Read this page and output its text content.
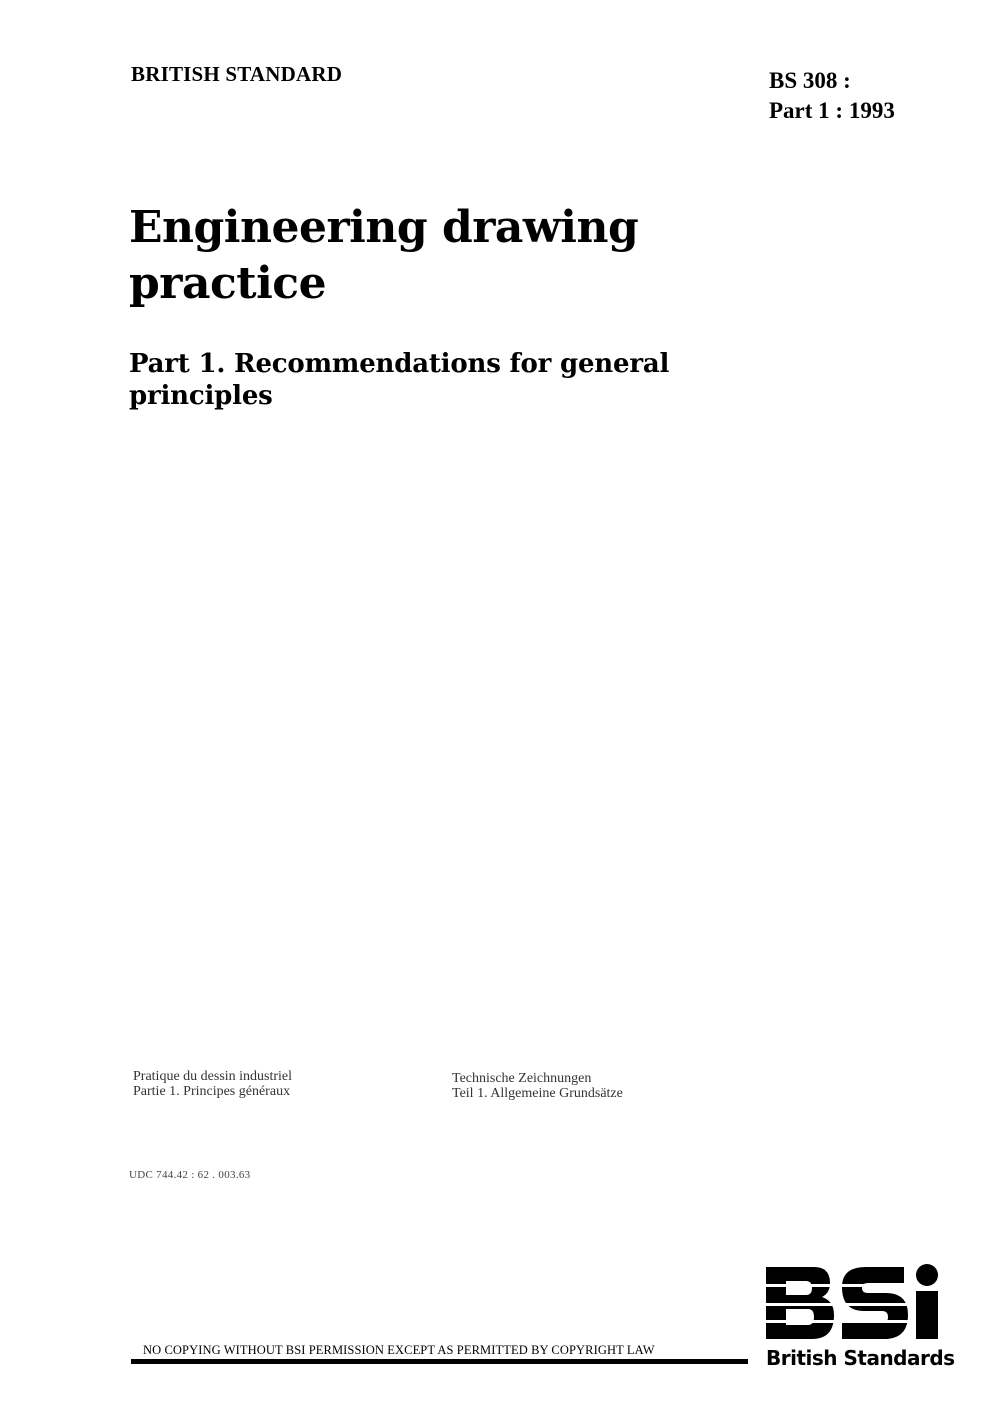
BRITISH STANDARD	BS 308 :
Part 1 : 1993
Engineering drawing
practice
Part 1. Recommendations for general
principles
Pratique du dessin industriel
Partie 1. Principes généraux
Technische Zeichnungen
Teil 1. Allgemeine Grundsätze
UDC 744.42 : 62 . 003.63
NO COPYING WITHOUT BSI PERMISSION EXCEPT AS PERMITTED BY COPYRIGHT LAW	British Standards
